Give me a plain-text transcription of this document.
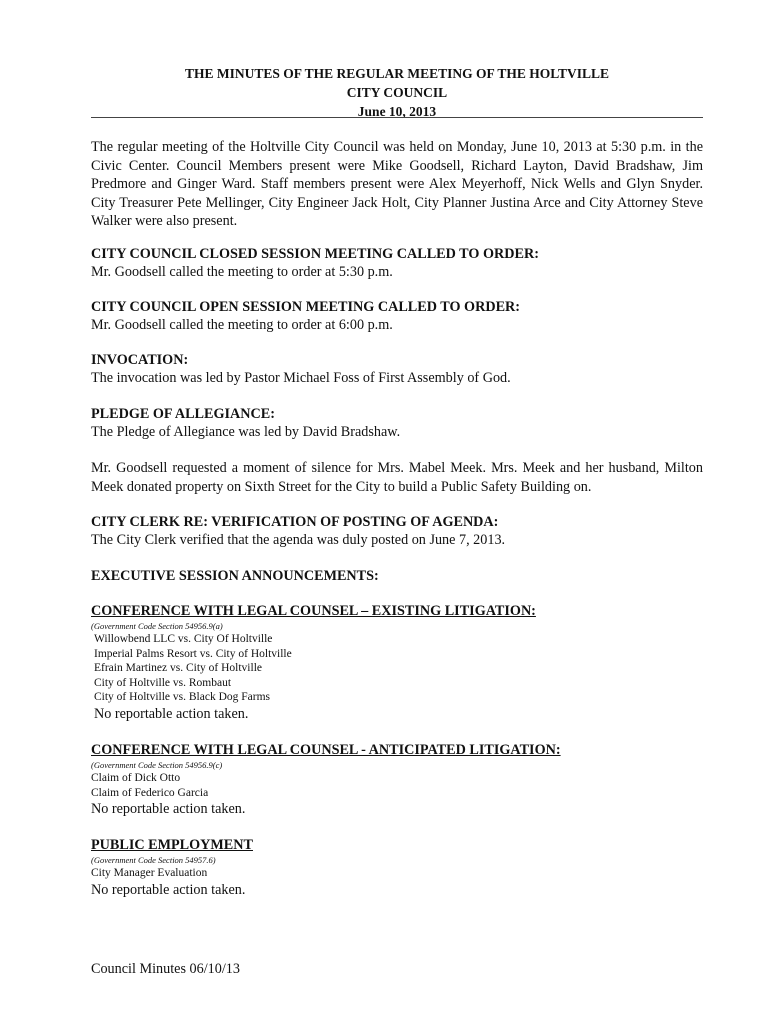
THE MINUTES OF THE REGULAR MEETING OF THE HOLTVILLE
CITY COUNCIL
June 10, 2013
The regular meeting of the Holtville City Council was held on Monday, June 10, 2013 at 5:30 p.m. in the Civic Center. Council Members present were Mike Goodsell, Richard Layton, David Bradshaw, Jim Predmore and Ginger Ward. Staff members present were Alex Meyerhoff, Nick Wells and Glyn Snyder. City Treasurer Pete Mellinger, City Engineer Jack Holt, City Planner Justina Arce and City Attorney Steve Walker were also present.
CITY COUNCIL CLOSED SESSION MEETING CALLED TO ORDER:
Mr. Goodsell called the meeting to order at 5:30 p.m.
CITY COUNCIL OPEN SESSION MEETING CALLED TO ORDER:
Mr. Goodsell called the meeting to order at 6:00 p.m.
INVOCATION:
The invocation was led by Pastor Michael Foss of First Assembly of God.
PLEDGE OF ALLEGIANCE:
The Pledge of Allegiance was led by David Bradshaw.
Mr. Goodsell requested a moment of silence for Mrs. Mabel Meek. Mrs. Meek and her husband, Milton Meek donated property on Sixth Street for the City to build a Public Safety Building on.
CITY CLERK RE: VERIFICATION OF POSTING OF AGENDA:
The City Clerk verified that the agenda was duly posted on June 7, 2013.
EXECUTIVE SESSION ANNOUNCEMENTS:
CONFERENCE WITH LEGAL COUNSEL – EXISTING LITIGATION:
(Government Code Section 54956.9(a)
Willowbend LLC vs. City Of Holtville
Imperial Palms Resort vs. City of Holtville
Efrain Martinez vs. City of Holtville
City of Holtville vs. Rombaut
City of Holtville vs. Black Dog Farms
No reportable action taken.
CONFERENCE WITH LEGAL COUNSEL - ANTICIPATED LITIGATION:
(Government Code Section 54956.9(c)
Claim of Dick Otto
Claim of Federico Garcia
No reportable action taken.
PUBLIC EMPLOYMENT
(Government Code Section 54957.6)
City Manager Evaluation
No reportable action taken.
Council Minutes 06/10/13
